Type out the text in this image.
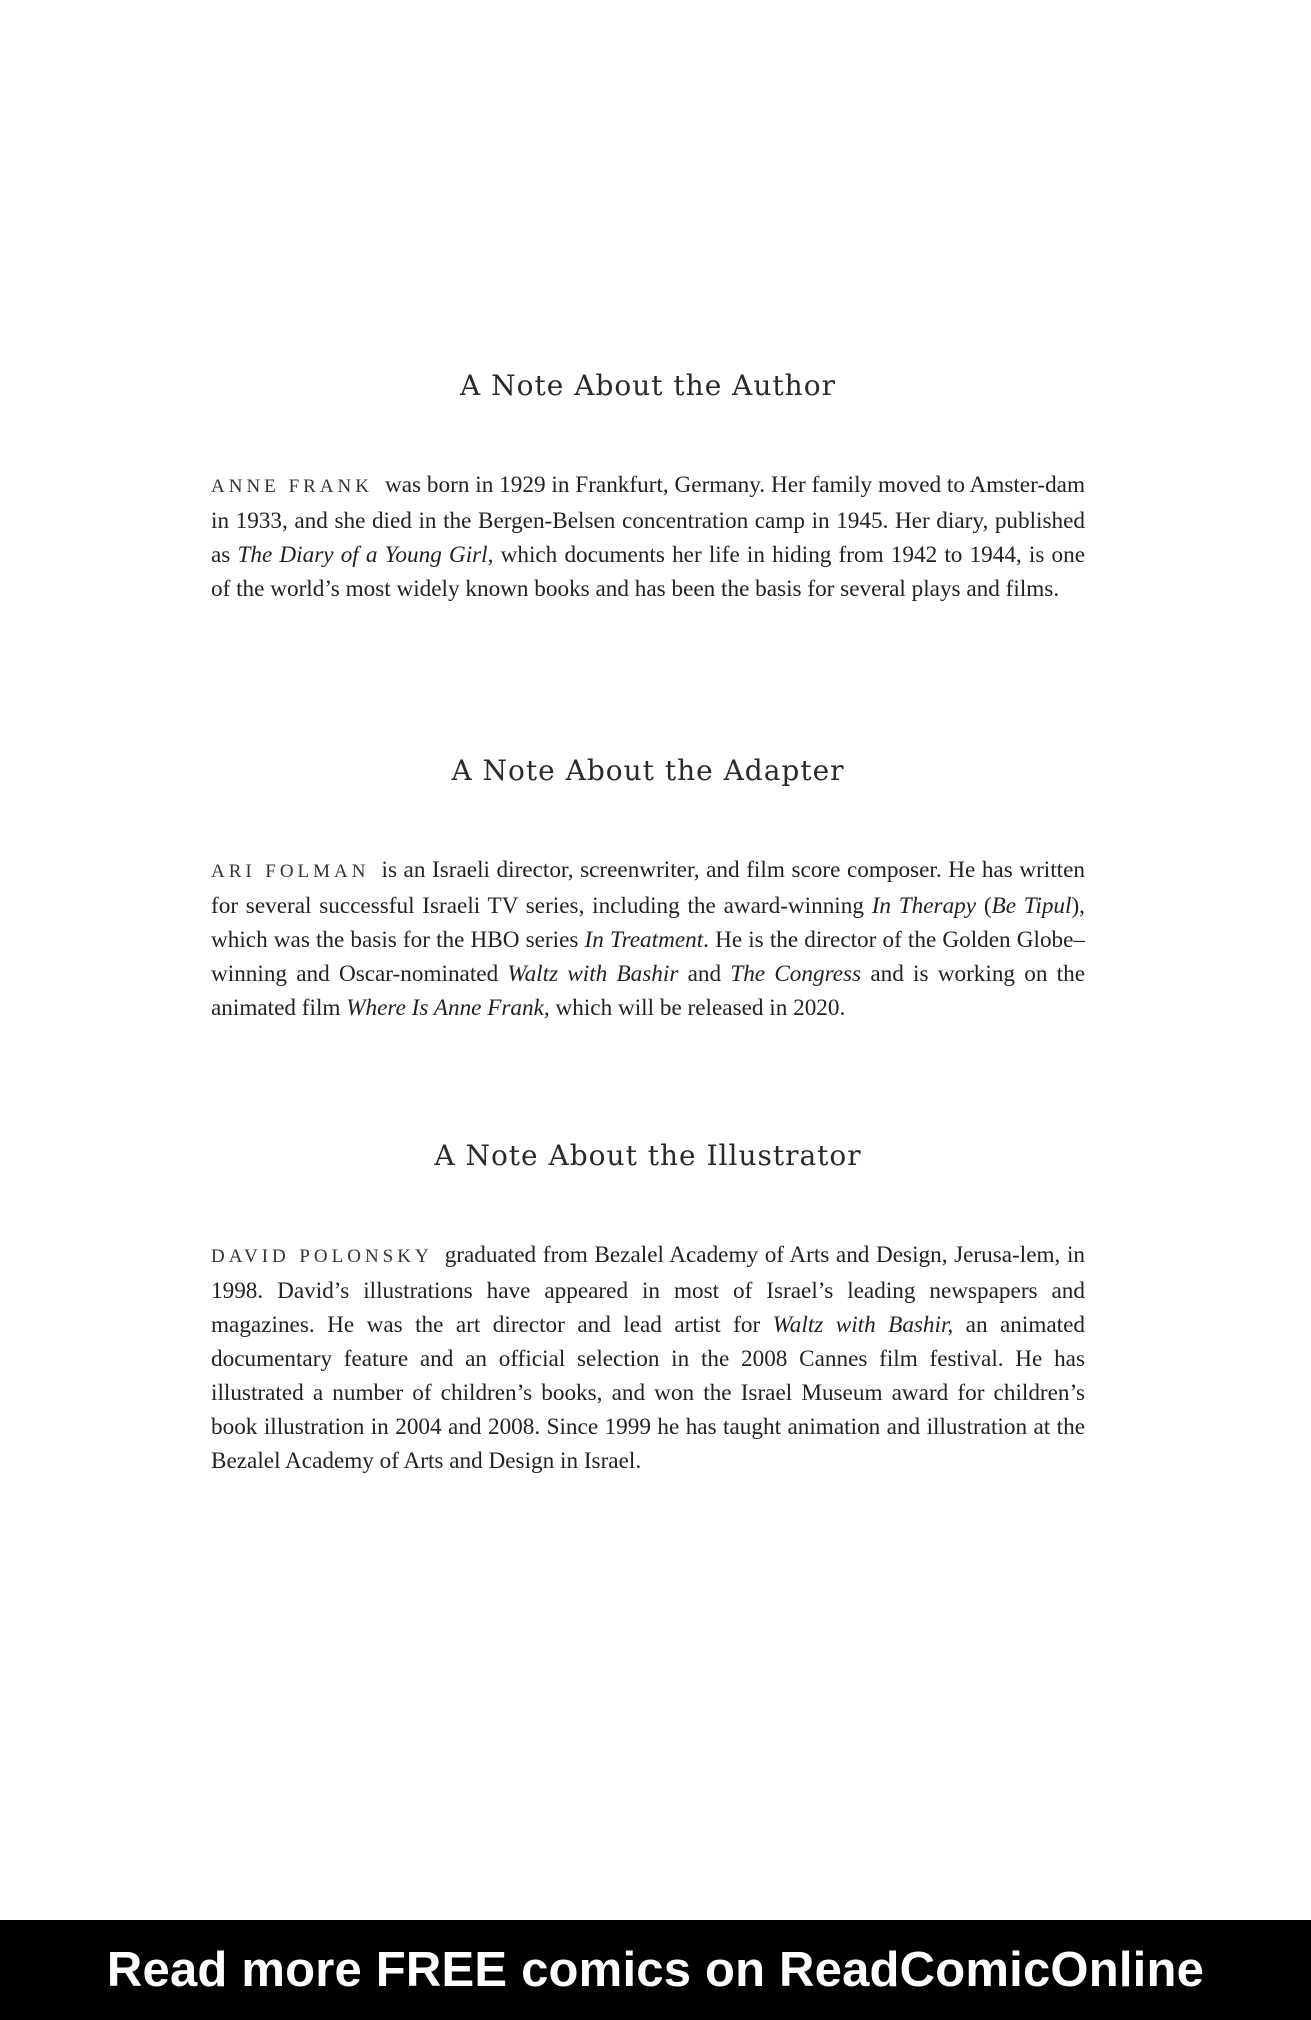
A Note About the Author

ANNE FRANK was born in 1929 in Frankfurt, Germany. Her family moved to Amster-dam in 1933, and she died in the Bergen-Belsen concentration camp in 1945. Her diary, published as The Diary of a Young Girl, which documents her life in hiding from 1942 to 1944, is one of the world’s most widely known books and has been the basis for several plays and films.

A Note About the Adapter

ARI FOLMAN is an Israeli director, screenwriter, and film score composer. He has written for several successful Israeli TV series, including the award-winning In Therapy (Be Tipul), which was the basis for the HBO series In Treatment. He is the director of the Golden Globe–winning and Oscar-nominated Waltz with Bashir and The Congress and is working on the animated film Where Is Anne Frank, which will be released in 2020.

A Note About the Illustrator

DAVID POLONSKY graduated from Bezalel Academy of Arts and Design, Jerusa-lem, in 1998. David’s illustrations have appeared in most of Israel’s leading newspapers and magazines. He was the art director and lead artist for Waltz with Bashir, an animated documentary feature and an official selection in the 2008 Cannes film festival. He has illustrated a number of children’s books, and won the Israel Museum award for children’s book illustration in 2004 and 2008. Since 1999 he has taught animation and illustration at the Bezalel Academy of Arts and Design in Israel.

Read more FREE comics on ReadComicOnline
